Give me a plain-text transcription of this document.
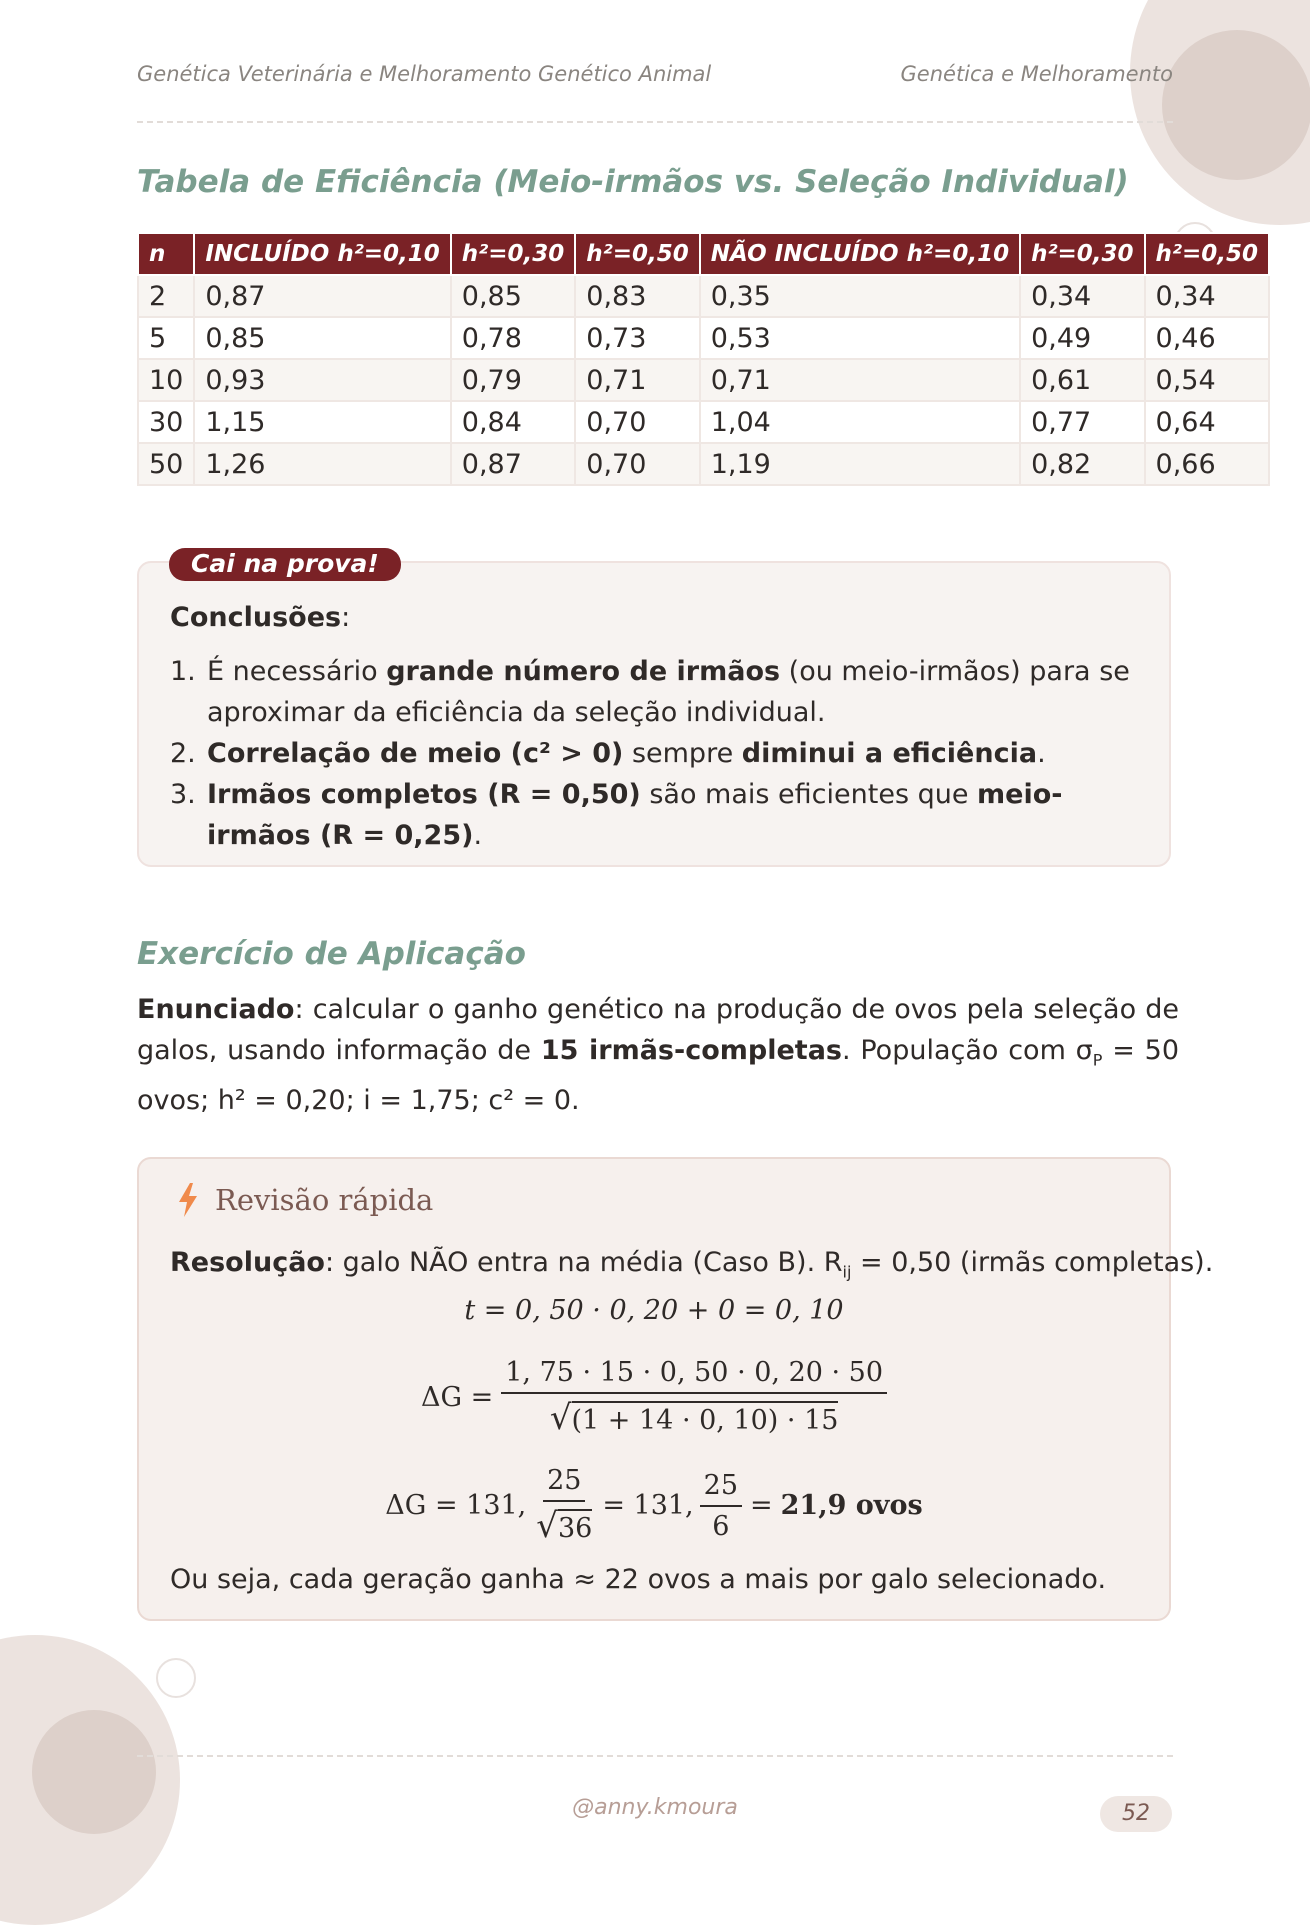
Genética Veterinária e Melhoramento Genético Animal	Genética e Melhoramento
Tabela de Eficiência (Meio-irmãos vs. Seleção Individual)
n	INCLUÍDO h²=0,10	h²=0,30	h²=0,50	NÃO INCLUÍDO h²=0,10	h²=0,30	h²=0,50
2	0,87	0,85	0,83	0,35	0,34	0,34
5	0,85	0,78	0,73	0,53	0,49	0,46
10	0,93	0,79	0,71	0,71	0,61	0,54
30	1,15	0,84	0,70	1,04	0,77	0,64
50	1,26	0,87	0,70	1,19	0,82	0,66
Cai na prova!
Conclusões:
1. É necessário grande número de irmãos (ou meio-irmãos) para se aproximar da eficiência da seleção individual.
2. Correlação de meio (c² > 0) sempre diminui a eficiência.
3. Irmãos completos (R = 0,50) são mais eficientes que meio-irmãos (R = 0,25).
Exercício de Aplicação
Enunciado: calcular o ganho genético na produção de ovos pela seleção de galos, usando informação de 15 irmãs-completas. População com $\sigma_P = 50$ ovos; h² = 0,20; i = 1,75; c² = 0.
Revisão rápida
Resolução: galo NÃO entra na média (Caso B). $R_{ij} = 0,50$ (irmãs completas).
t = 0, 50 · 0, 20 + 0 = 0, 10
$\Delta G = \frac{1, 75 \cdot 15 \cdot 0, 50 \cdot 0, 20 \cdot 50}{√(1 + 14 \cdot 0, 10) \cdot 15}$
ΔG = 131, $\frac{25}{√36} = 131$, $\frac{25}{6} = 21,9$ ovos
Ou seja, cada geração ganha ≈ 22 ovos a mais por galo selecionado.
@anny.kmoura	52
